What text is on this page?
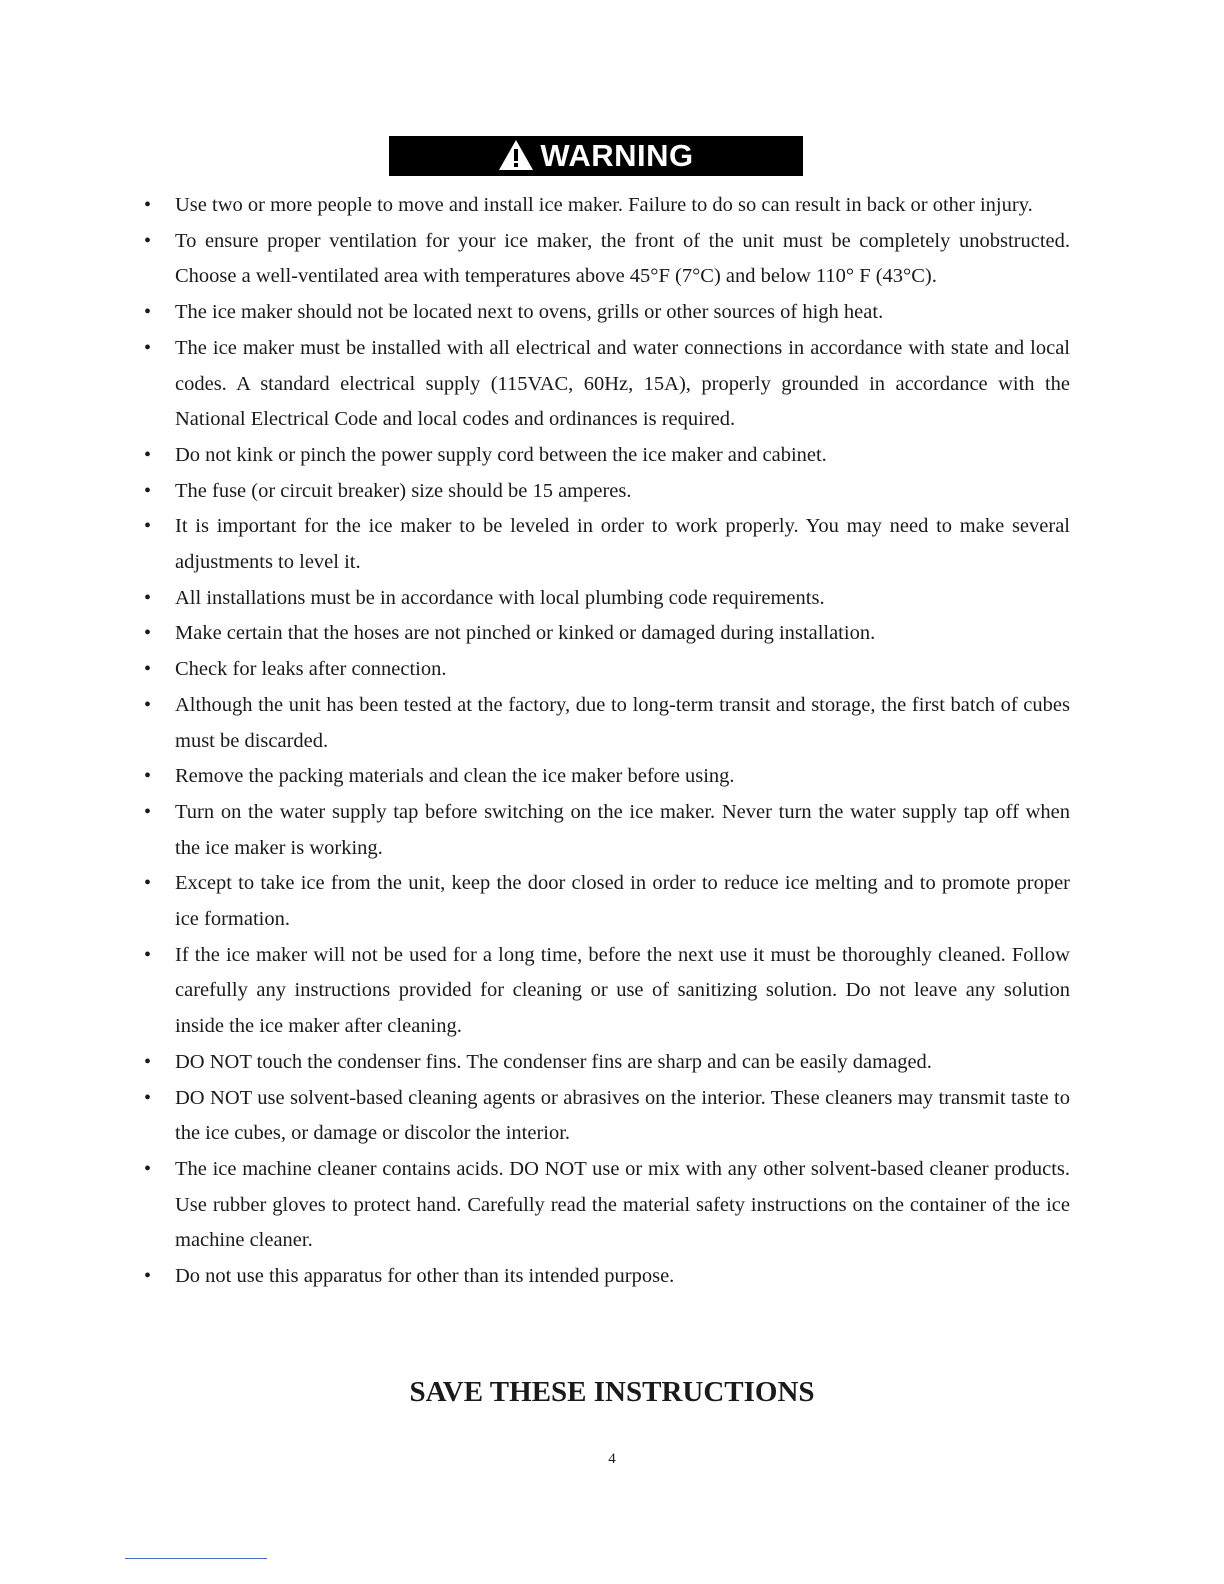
WARNING
• Use two or more people to move and install ice maker. Failure to do so can result in back or other injury.
• To ensure proper ventilation for your ice maker, the front of the unit must be completely unobstructed. Choose a well-ventilated area with temperatures above 45°F (7°C) and below 110° F (43°C).
• The ice maker should not be located next to ovens, grills or other sources of high heat.
• The ice maker must be installed with all electrical and water connections in accordance with state and local codes. A standard electrical supply (115VAC, 60Hz, 15A), properly grounded in accordance with the National Electrical Code and local codes and ordinances is required.
• Do not kink or pinch the power supply cord between the ice maker and cabinet.
• The fuse (or circuit breaker) size should be 15 amperes.
• It is important for the ice maker to be leveled in order to work properly. You may need to make several adjustments to level it.
• All installations must be in accordance with local plumbing code requirements.
• Make certain that the hoses are not pinched or kinked or damaged during installation.
• Check for leaks after connection.
• Although the unit has been tested at the factory, due to long-term transit and storage, the first batch of cubes must be discarded.
• Remove the packing materials and clean the ice maker before using.
• Turn on the water supply tap before switching on the ice maker. Never turn the water supply tap off when the ice maker is working.
• Except to take ice from the unit, keep the door closed in order to reduce ice melting and to promote proper ice formation.
• If the ice maker will not be used for a long time, before the next use it must be thoroughly cleaned. Follow carefully any instructions provided for cleaning or use of sanitizing solution. Do not leave any solution inside the ice maker after cleaning.
• DO NOT touch the condenser fins. The condenser fins are sharp and can be easily damaged.
• DO NOT use solvent-based cleaning agents or abrasives on the interior. These cleaners may transmit taste to the ice cubes, or damage or discolor the interior.
• The ice machine cleaner contains acids. DO NOT use or mix with any other solvent-based cleaner products. Use rubber gloves to protect hand. Carefully read the material safety instructions on the container of the ice machine cleaner.
• Do not use this apparatus for other than its intended purpose.
SAVE THESE INSTRUCTIONS
4
